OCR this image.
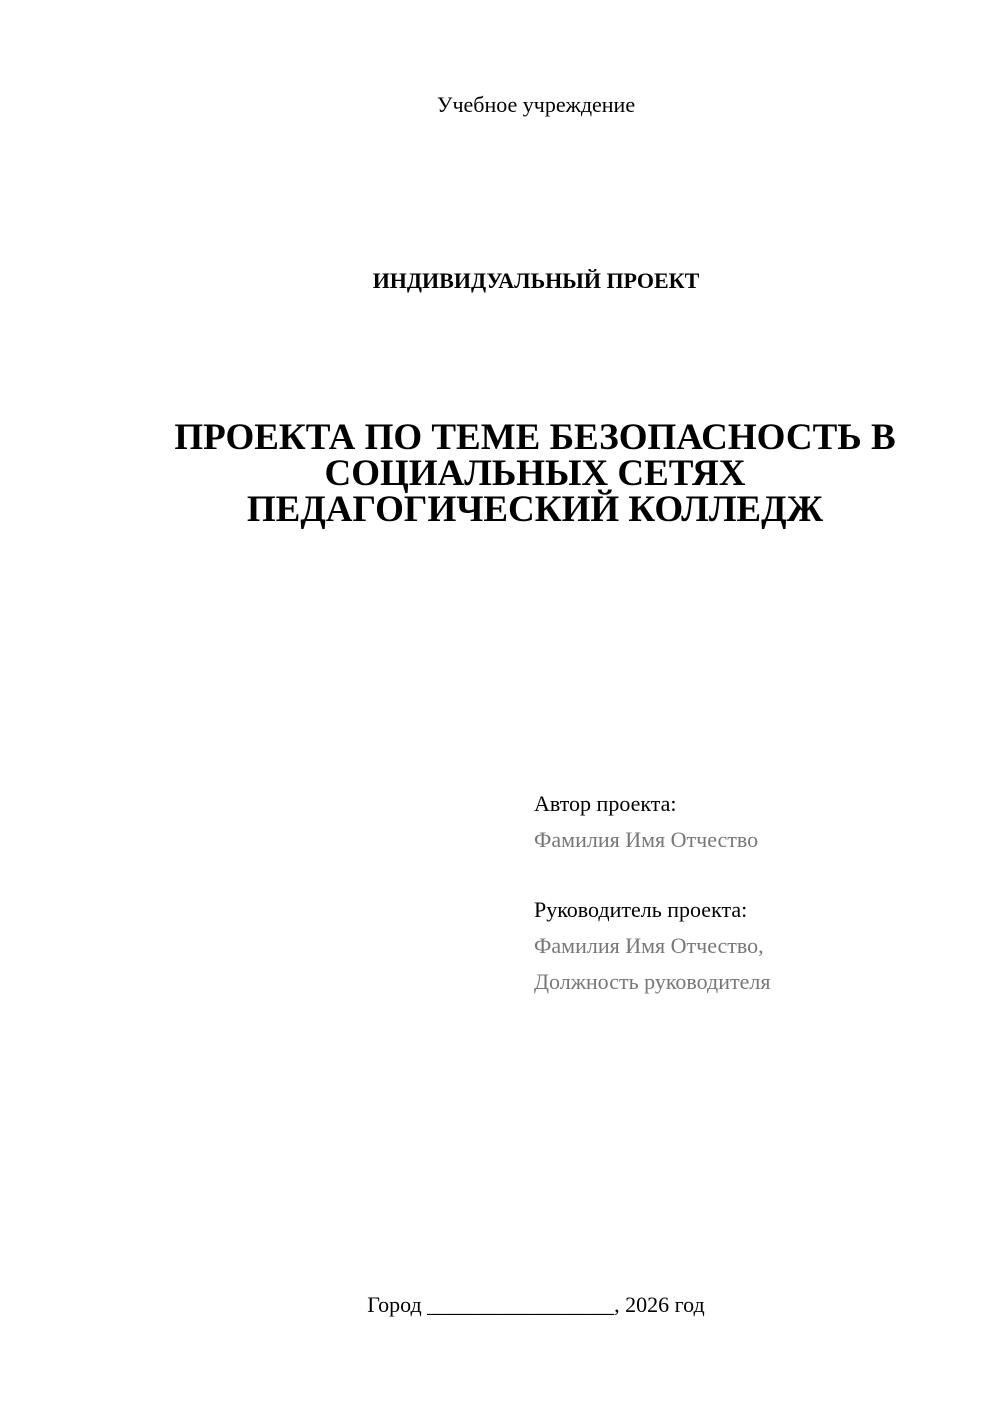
Учебное учреждение
ИНДИВИДУАЛЬНЫЙ ПРОЕКТ
ПРОЕКТА ПО ТЕМЕ БЕЗОПАСНОСТЬ В
СОЦИАЛЬНЫХ СЕТЯХ
ПЕДАГОГИЧЕСКИЙ КОЛЛЕДЖ
Автор проекта:
Фамилия Имя Отчество
Руководитель проекта:
Фамилия Имя Отчество,
Должность руководителя
Город _________________, 2026 год
